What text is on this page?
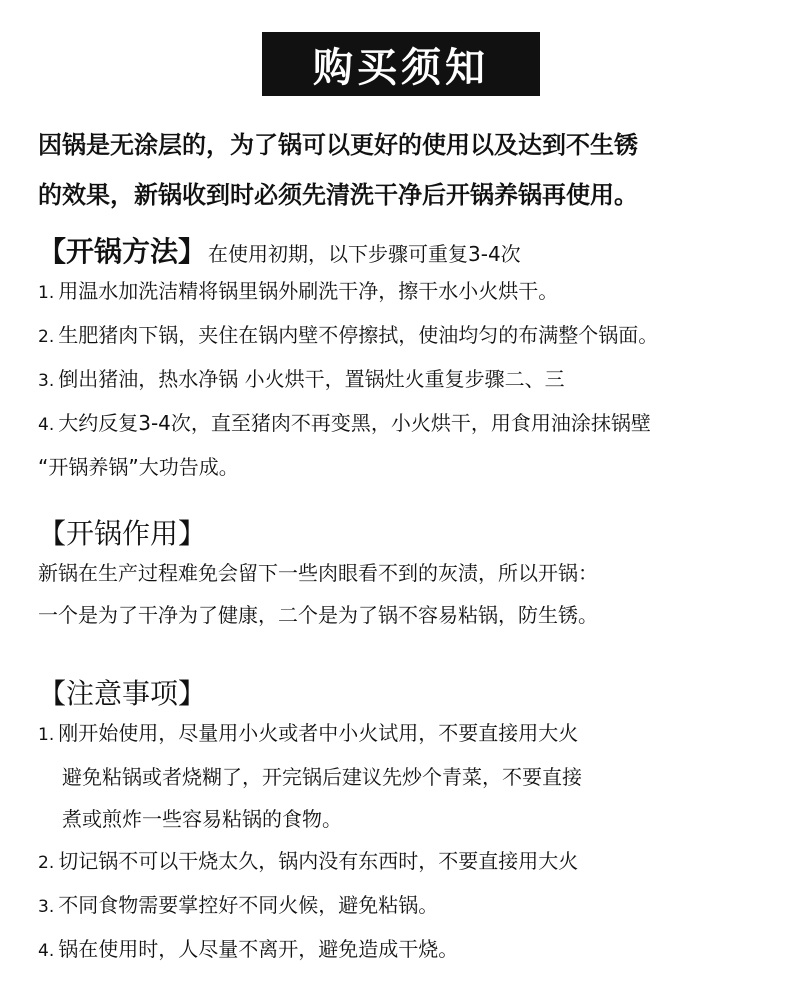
购买须知

因锅是无涂层的，为了锅可以更好的使用以及达到不生锈

的效果，新锅收到时必须先清洗干净后开锅养锅再使用。

【开锅方法】 在使用初期，以下步骤可重复3-4次
1. 用温水加洗洁精将锅里锅外刷洗干净，擦干水小火烘干。
2. 生肥猪肉下锅，夹住在锅内壁不停擦拭，使油均匀的布满整个锅面。
3. 倒出猪油，热水净锅 小火烘干，置锅灶火重复步骤二、三
4. 大约反复3-4次，直至猪肉不再变黑，小火烘干，用食用油涂抹锅壁
“开锅养锅”大功告成。
【开锅作用】
新锅在生产过程难免会留下一些肉眼看不到的灰渍，所以开锅：
一个是为了干净为了健康，二个是为了锅不容易粘锅，防生锈。
【注意事项】
1. 刚开始使用，尽量用小火或者中小火试用，不要直接用大火
避免粘锅或者烧糊了，开完锅后建议先炒个青菜，不要直接
煮或煎炸一些容易粘锅的食物。
2. 切记锅不可以干烧太久，锅内没有东西时，不要直接用大火
3. 不同食物需要掌控好不同火候，避免粘锅。
4. 锅在使用时，人尽量不离开，避免造成干烧。
